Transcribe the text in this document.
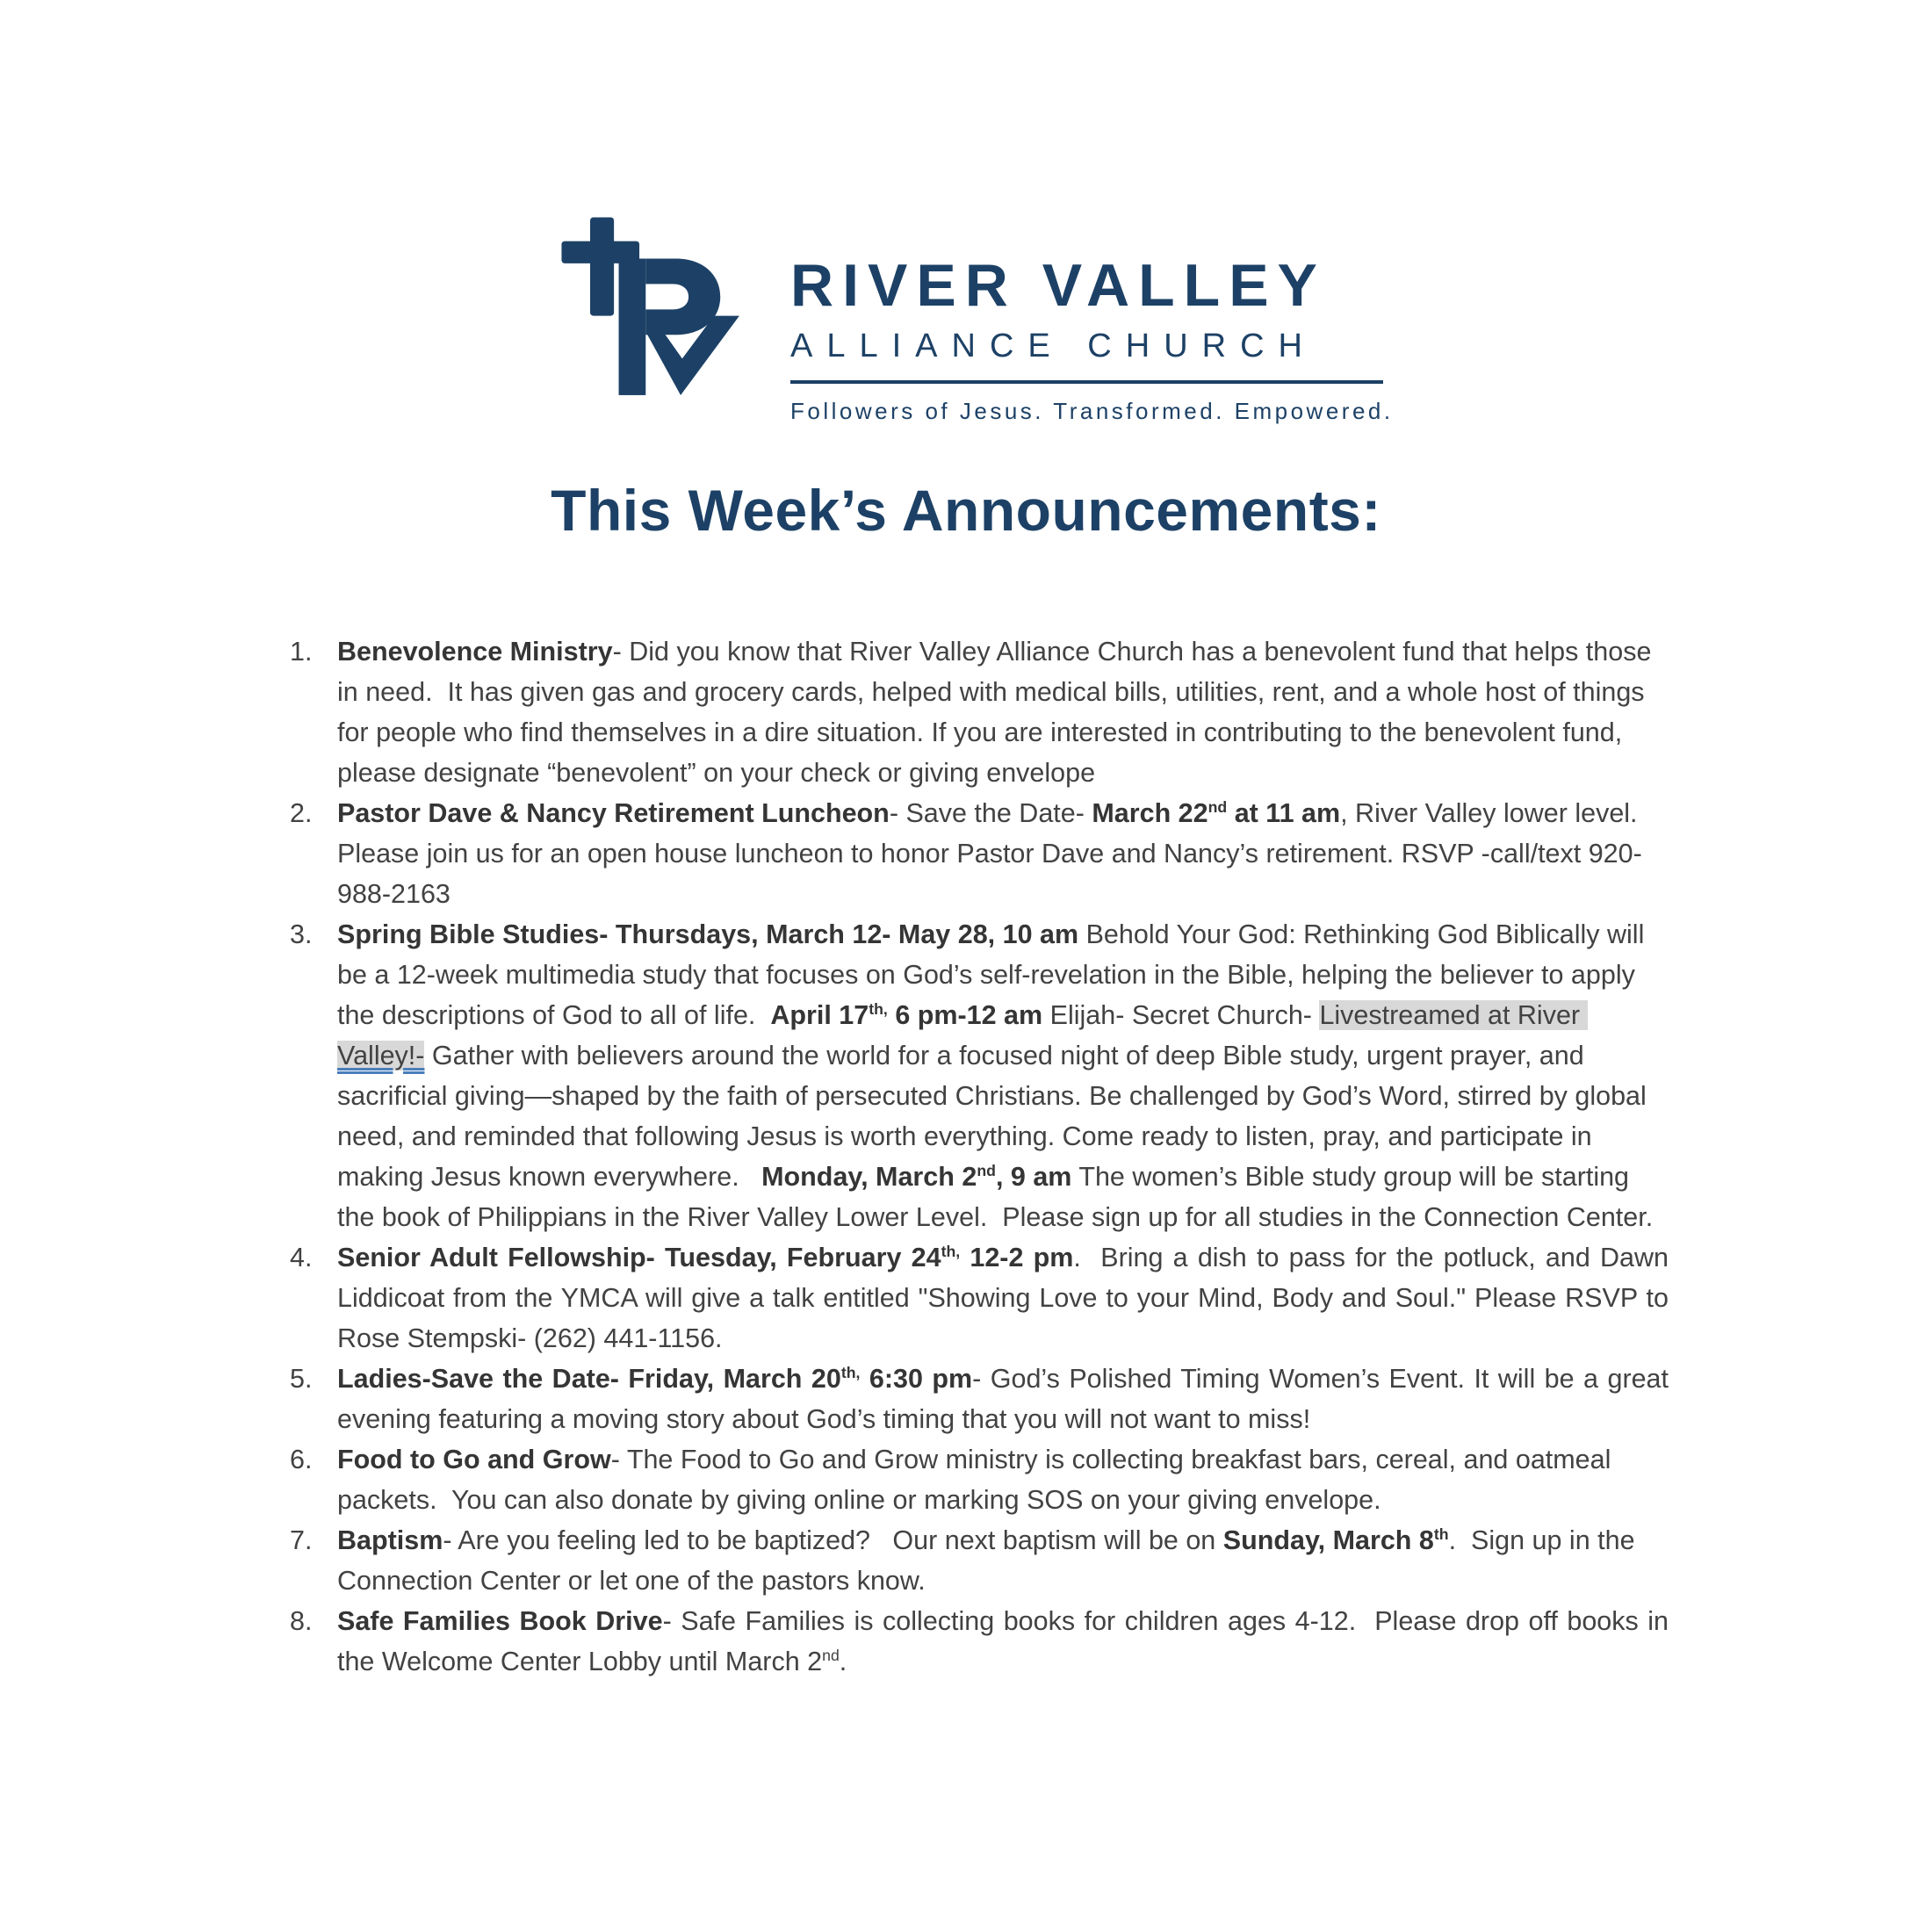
RIVER VALLEY
ALLIANCE CHURCH
Followers of Jesus. Transformed. Empowered.
This Week’s Announcements:
1. Benevolence Ministry- Did you know that River Valley Alliance Church has a benevolent fund that helps those in need.  It has given gas and grocery cards, helped with medical bills, utilities, rent, and a whole host of things for people who find themselves in a dire situation. If you are interested in contributing to the benevolent fund, please designate “benevolent” on your check or giving envelope
2. Pastor Dave & Nancy Retirement Luncheon- Save the Date- March 22nd at 11 am, River Valley lower level.  Please join us for an open house luncheon to honor Pastor Dave and Nancy’s retirement. RSVP -call/text 920-988-2163
3. Spring Bible Studies- Thursdays, March 12- May 28, 10 am Behold Your God: Rethinking God Biblically will be a 12-week multimedia study that focuses on God’s self-revelation in the Bible, helping the believer to apply the descriptions of God to all of life.  April $17^{th,}$ 6 pm-12 am Elijah- Secret Church- Livestreamed at River Valley!- Gather with believers around the world for a focused night of deep Bible study, urgent prayer, and sacrificial giving—shaped by the faith of persecuted Christians. Be challenged by God’s Word, stirred by global need, and reminded that following Jesus is worth everything. Come ready to listen, pray, and participate in making Jesus known everywhere.   Monday, March 2nd, 9 am The women’s Bible study group will be starting the book of Philippians in the River Valley Lower Level.  Please sign up for all studies in the Connection Center.
4. Senior Adult Fellowship- Tuesday, February $24^{th,}$ 12-2 pm.  Bring a dish to pass for the potluck, and Dawn Liddicoat from the YMCA will give a talk entitled "Showing Love to your Mind, Body and Soul." Please RSVP to Rose Stempski- (262) 441-1156.
5. Ladies-Save the Date- Friday, March $20^{th,}$ 6:30 pm- God’s Polished Timing Women’s Event. It will be a great evening featuring a moving story about God’s timing that you will not want to miss!
6. Food to Go and Grow- The Food to Go and Grow ministry is collecting breakfast bars, cereal, and oatmeal packets.  You can also donate by giving online or marking SOS on your giving envelope.
7. Baptism- Are you feeling led to be baptized?   Our next baptism will be on Sunday, March 8th.  Sign up in the Connection Center or let one of the pastors know.
8. Safe Families Book Drive- Safe Families is collecting books for children ages 4-12.  Please drop off books in the Welcome Center Lobby until March 2nd.
